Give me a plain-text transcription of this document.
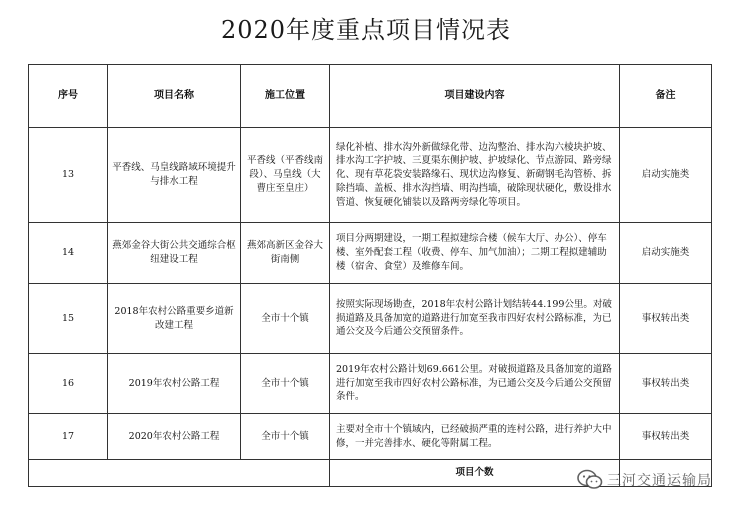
2020年度重点项目情况表
序号	项目名称	施工位置	项目建设内容	备注
13	平香线、马皇线路域环境提升与排水工程	平香线（平香线南段）、马皇线（大曹庄至皇庄）	绿化补植、排水沟外新做绿化带、边沟整治、排水沟六棱块护坡、排水沟工字护坡、三夏渠东侧护坡、护坡绿化、节点游园、路旁绿化、现有草花袋安装路缘石、现状边沟修复、新砌钢毛沟管桥、拆除挡墙、盖板、排水沟挡墙、明沟挡墙，破除现状硬化，敷设排水管道、恢复硬化铺装以及路两旁绿化等项目。	启动实施类
14	燕郊金谷大街公共交通综合枢纽建设工程	燕郊高新区金谷大街南侧	项目分两期建设，一期工程拟建综合楼（候车大厅、办公）、停车楼、室外配套工程（收费、停车、加气加油）；二期工程拟建辅助楼（宿舍、食堂）及维修车间。	启动实施类
15	2018年农村公路重要乡道新改建工程	全市十个镇	按照实际现场勘查，2018年农村公路计划结转44.199公里。对破损道路及具备加宽的道路进行加宽至我市四好农村公路标准，为已通公交及今后通公交预留条件。	事权转出类
16	2019年农村公路工程	全市十个镇	2019年农村公路计划69.661公里。对破损道路及具备加宽的道路进行加宽至我市四好农村公路标准，为已通公交及今后通公交预留条件。	事权转出类
17	2020年农村公路工程	全市十个镇	主要对全市十个镇域内，已经破损严重的连村公路，进行养护大中修，一并完善排水、硬化等附属工程。	事权转出类
			项目个数	
三河交通运输局
